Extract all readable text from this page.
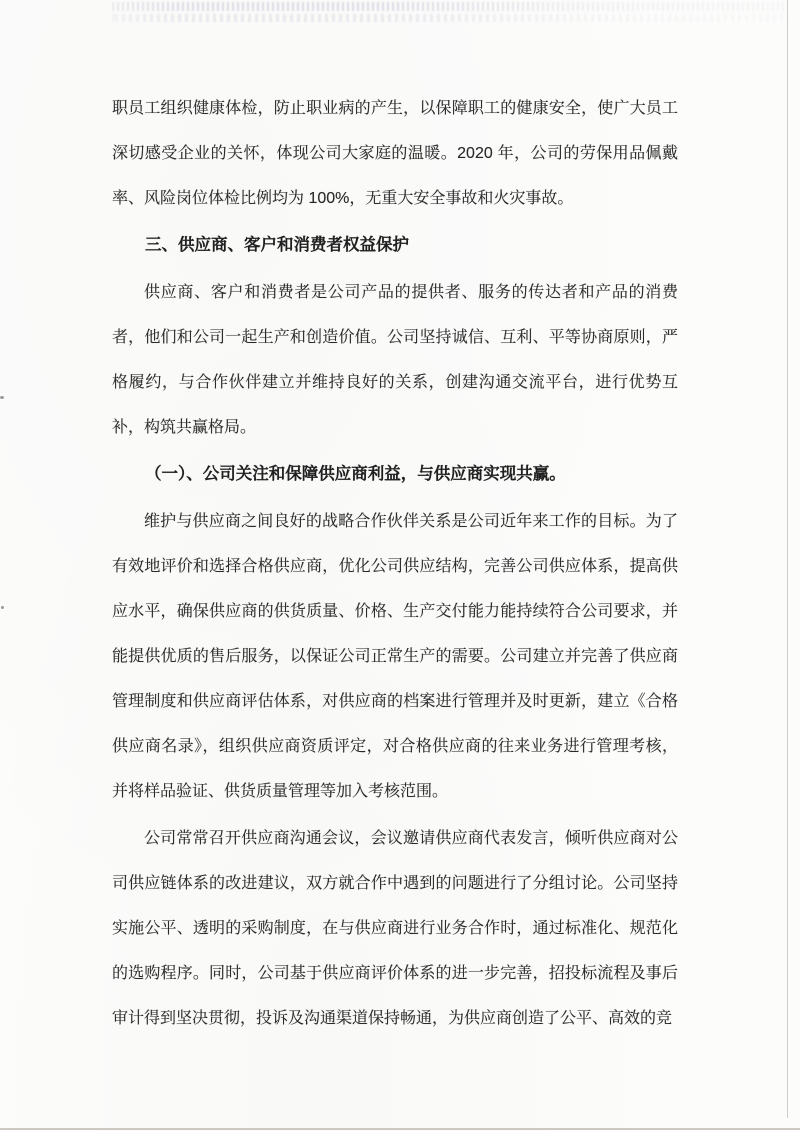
职员工组织健康体检，防止职业病的产生，以保障职工的健康安全，使广大员工深切感受企业的关怀，体现公司大家庭的温暖。2020 年，公司的劳保用品佩戴率、风险岗位体检比例均为 100%，无重大安全事故和火灾事故。

三、供应商、客户和消费者权益保护

供应商、客户和消费者是公司产品的提供者、服务的传达者和产品的消费者，他们和公司一起生产和创造价值。公司坚持诚信、互利、平等协商原则，严格履约，与合作伙伴建立并维持良好的关系，创建沟通交流平台，进行优势互补，构筑共赢格局。

（一）、公司关注和保障供应商利益，与供应商实现共赢。

维护与供应商之间良好的战略合作伙伴关系是公司近年来工作的目标。为了有效地评价和选择合格供应商，优化公司供应结构，完善公司供应体系，提高供应水平，确保供应商的供货质量、价格、生产交付能力能持续符合公司要求，并能提供优质的售后服务，以保证公司正常生产的需要。公司建立并完善了供应商管理制度和供应商评估体系，对供应商的档案进行管理并及时更新，建立《合格供应商名录》，组织供应商资质评定，对合格供应商的往来业务进行管理考核，并将样品验证、供货质量管理等加入考核范围。

公司常常召开供应商沟通会议，会议邀请供应商代表发言，倾听供应商对公司供应链体系的改进建议，双方就合作中遇到的问题进行了分组讨论。公司坚持实施公平、透明的采购制度，在与供应商进行业务合作时，通过标准化、规范化的选购程序。同时，公司基于供应商评价体系的进一步完善，招投标流程及事后审计得到坚决贯彻，投诉及沟通渠道保持畅通，为供应商创造了公平、高效的竞
